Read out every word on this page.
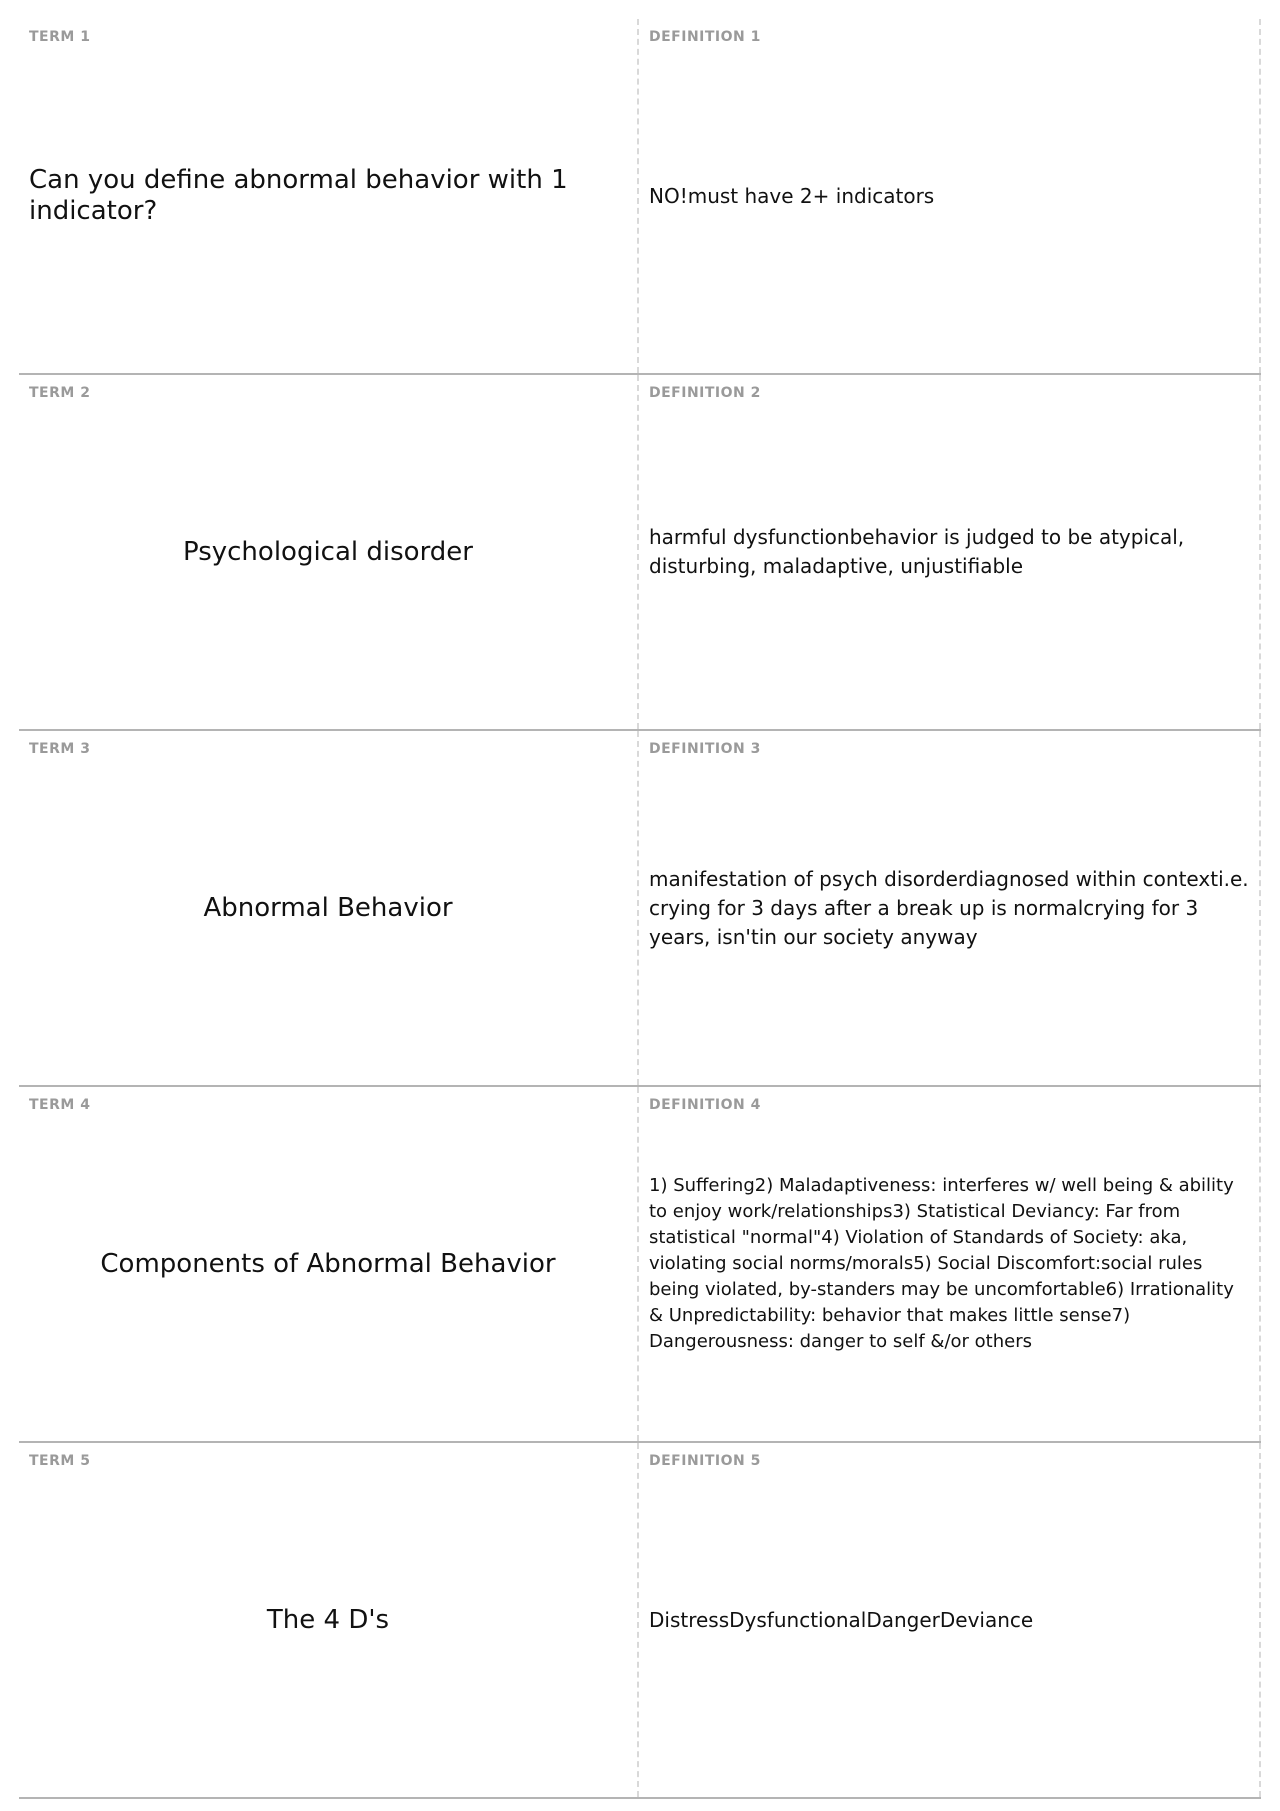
TERM 1
Can you define abnormal behavior with 1 indicator?
DEFINITION 1
NO!must have 2+ indicators
TERM 2
Psychological disorder
DEFINITION 2
harmful dysfunctionbehavior is judged to be atypical, disturbing, maladaptive, unjustifiable
TERM 3
Abnormal Behavior
DEFINITION 3
manifestation of psych disorderdiagnosed within contexti.e. crying for 3 days after a break up is normalcrying for 3 years, isn'tin our society anyway
TERM 4
Components of Abnormal Behavior
DEFINITION 4
1) Suffering2) Maladaptiveness: interferes w/ well being & ability to enjoy work/relationships3) Statistical Deviancy: Far from statistical "normal"4) Violation of Standards of Society: aka, violating social norms/morals5) Social Discomfort:social rules being violated, by-standers may be uncomfortable6) Irrationality & Unpredictability: behavior that makes little sense7) Dangerousness: danger to self &/or others
TERM 5
The 4 D's
DEFINITION 5
DistressDysfunctionalDangerDeviance
